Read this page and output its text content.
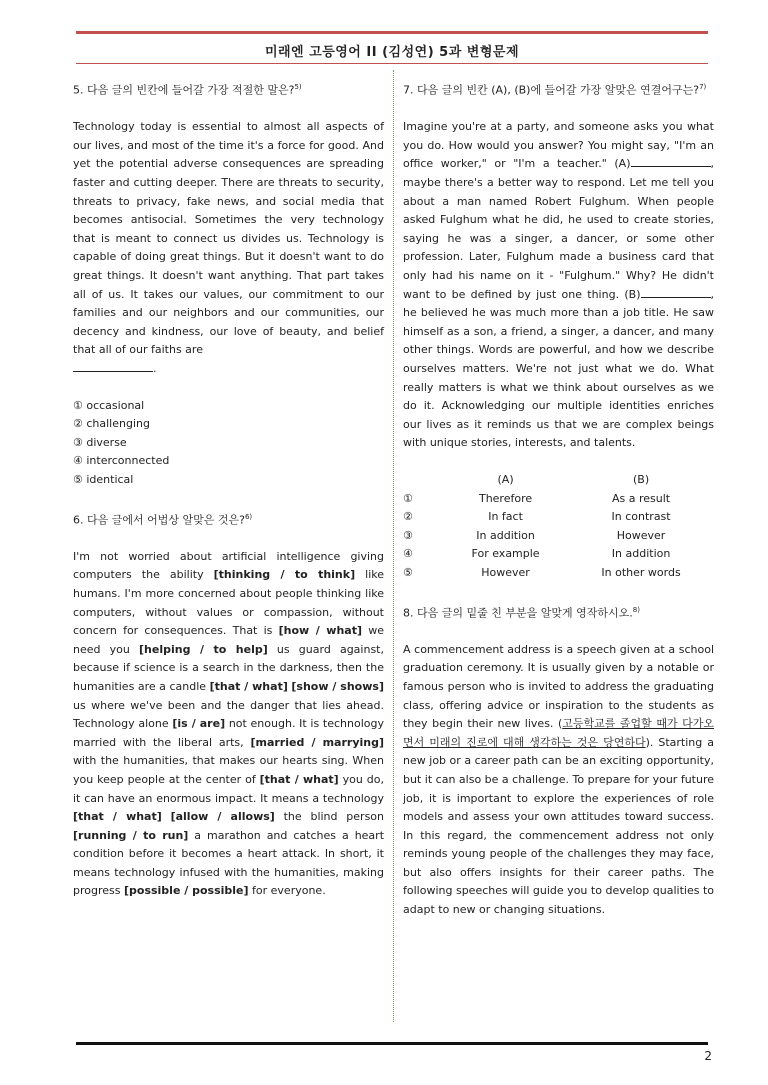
미래엔 고등영어 II (김성연) 5과 변형문제

5. 다음 글의 빈칸에 들어갈 가장 적절한 말은?$^{5)}$

Technology today is essential to almost all aspects of our lives, and most of the time it's a force for good. And yet the potential adverse consequences are spreading faster and cutting deeper. There are threats to security, threats to privacy, fake news, and social media that becomes antisocial. Sometimes the very technology that is meant to connect us divides us. Technology is capable of doing great things. But it doesn't want to do great things. It doesn't want anything. That part takes all of us. It takes our values, our commitment to our families and our neighbors and our communities, our decency and kindness, our love of beauty, and belief that all of our faiths are
.

① occasional
② challenging
③ diverse
④ interconnected
⑤ identical

6. 다음 글에서 어법상 알맞은 것은?$^{6)}$

I'm not worried about artificial intelligence giving computers the ability [thinking / to think] like humans. I'm more concerned about people thinking like computers, without values or compassion, without concern for consequences. That is [how / what] we need you [helping / to help] us guard against, because if science is a search in the darkness, then the humanities are a candle [that / what] [show / shows] us where we've been and the danger that lies ahead. Technology alone [is / are] not enough. It is technology married with the liberal arts, [married / marrying] with the humanities, that makes our hearts sing. When you keep people at the center of [that / what] you do, it can have an enormous impact. It means a technology [that / what] [allow / allows] the blind person [running / to run] a marathon and catches a heart condition before it becomes a heart attack. In short, it means technology infused with the humanities, making progress [possible / possible] for everyone.

7. 다음 글의 빈칸 (A), (B)에 들어갈 가장 알맞은 연결어구는?$^{7)}$

Imagine you're at a party, and someone asks you what you do. How would you answer? You might say, "I'm an office worker," or "I'm a teacher." (A)	, maybe there's a better way to respond. Let me tell you about a man named Robert Fulghum. When people asked Fulghum what he did, he used to create stories, saying he was a singer, a dancer, or some other profession. Later, Fulghum made a business card that only had his name on it - "Fulghum." Why? He didn't want to be defined by just one thing. (B)	, he believed he was much more than a job title. He saw himself as a son, a friend, a singer, a dancer, and many other things. Words are powerful, and how we describe ourselves matters. We're not just what we do. What really matters is what we think about ourselves as we do it. Acknowledging our multiple identities enriches our lives as it reminds us that we are complex beings with unique stories, interests, and talents.

	(A)	(B)
①	Therefore	As a result
②	In fact	In contrast
③	In addition	However
④	For example	In addition
⑤	However	In other words

8. 다음 글의 밑줄 친 부분을 알맞게 영작하시오.$^{8)}$

A commencement address is a speech given at a school graduation ceremony. It is usually given by a notable or famous person who is invited to address the graduating class, offering advice or inspiration to the students as they begin their new lives. (고등학교를 졸업할 때가 다가오면서 미래의 진로에 대해 생각하는 것은 당연하다). Starting a new job or a career path can be an exciting opportunity, but it can also be a challenge. To prepare for your future job, it is important to explore the experiences of role models and assess your own attitudes toward success. In this regard, the commencement address not only reminds young people of the challenges they may face, but also offers insights for their career paths. The following speeches will guide you to develop qualities to adapt to new or changing situations.

2
